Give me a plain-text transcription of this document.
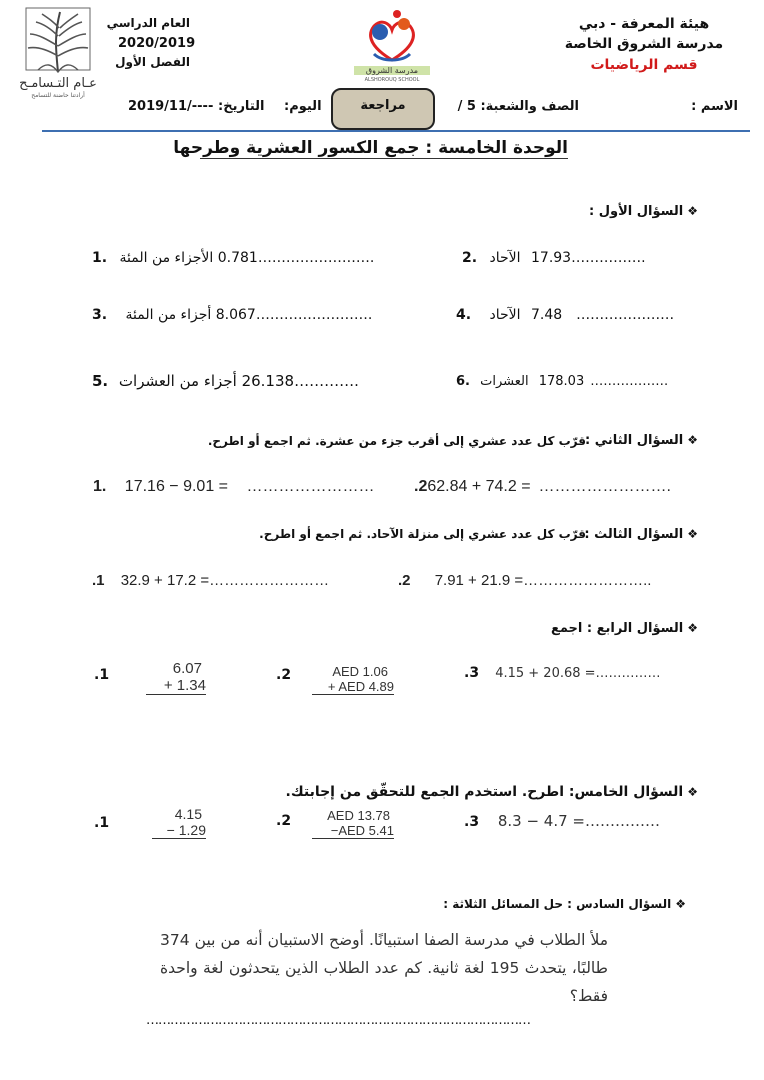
عـام التـسامـح
أرادتنا حاضنة للتسامح
العام الدراسي
2020/2019
الفصل الأول
مدرسة الشروق
ALSHOROUQ SCHOOL
هيئة المعرفة - دبي
مدرسة الشروق الخاصة
قسم الرياضيات
الاسم :
الصف والشعبة: 5 /
مراجعة
اليوم:
التاريخ:
2019/11/----
الوحدة الخامسة : جمع الكسور العشرية وطرحها
❖السؤال الأول :
1. الأجزاء من المئة 0.781…………………….	2. الآحاد 17.93…………….
3. أجزاء من المئة 8.067…………………….	4. الآحاد 7.48 …………………
5. أجزاء من العشرات 26.138………….	6. العشرات 178.03 ………………
❖السؤال الثاني :
قرّب كل عدد عشري إلى أقرب جزء من عشرة. ثم اجمع أو اطرح.
1. 17.16 − 9.01 = …………………… .262.84 + 74.2 = …………………….
❖السؤال الثالث :
قرّب كل عدد عشري إلى منزلة الآحاد. ثم اجمع أو اطرح.
.1 32.9 + 17.2 =……………………	.2 7.91 + 21.9 =……………………..
❖السؤال الرابع : اجمع
.1	6.07
+ 1.34
.2	AED 1.06
+ AED 4.89
.3 4.15 + 20.68 =……………
❖السؤال الخامس: اطرح. استخدم الجمع للتحقّق من إجابتك.
.1
4.15
− 1.29
.2	AED 13.78
−AED 5.41
.3 8.3 − 4.7 =……………
❖السؤال السادس : حل المسائل الثلاثة :
ملأ الطلاب في مدرسة الصفا استبيانًا. أوضح الاستبيان أنه من بين 374 طالبًا، يتحدث 195 لغة ثانية. كم عدد الطلاب الذين يتحدثون لغة واحدة فقط؟
……………………………………………………………………………………
